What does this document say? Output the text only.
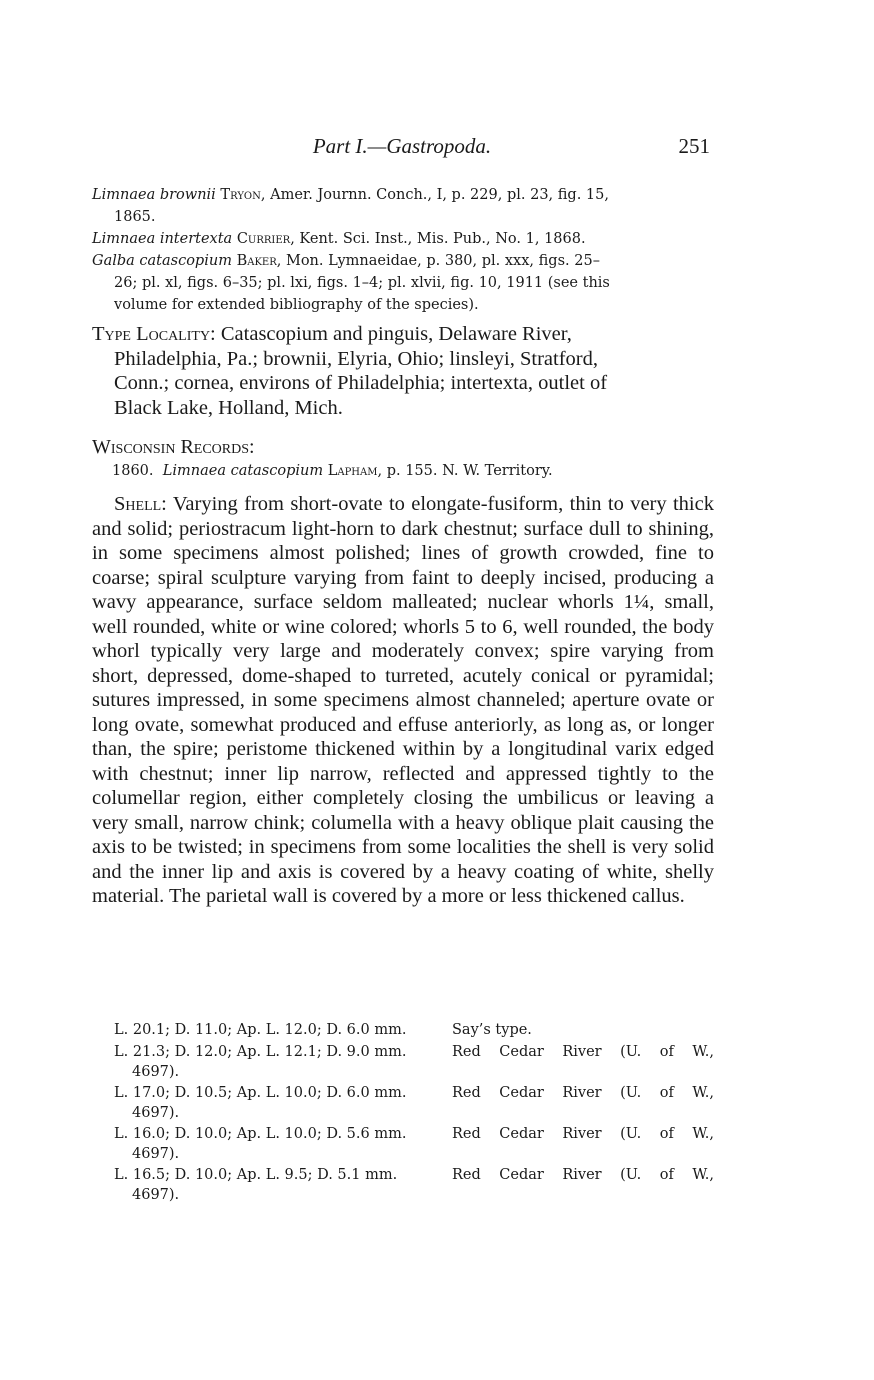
Part I.—Gastropoda.	251
Limnaea brownii Tryon, Amer. Journn. Conch., I, p. 229, pl. 23, fig. 15,
1865.
Limnaea intertexta Currier, Kent. Sci. Inst., Mis. Pub., No. 1, 1868.
Galba catascopium Baker, Mon. Lymnaeidae, p. 380, pl. xxx, figs. 25–
26; pl. xl, figs. 6–35; pl. lxi, figs. 1–4; pl. xlvii, fig. 10, 1911 (see this
volume for extended bibliography of the species).
Type Locality: Catascopium and pinguis, Delaware River,
Philadelphia, Pa.; brownii, Elyria, Ohio; linsleyi, Stratford,
Conn.; cornea, environs of Philadelphia; intertexta, outlet of
Black Lake, Holland, Mich.
Wisconsin Records:
1860. Limnaea catascopium Lapham, p. 155. N. W. Territory.

Shell: Varying from short-ovate to elongate-fusiform, thin to very thick and solid; periostracum light-horn to dark chestnut; surface dull to shining, in some specimens almost polished; lines of growth crowded, fine to coarse; spiral sculpture varying from faint to deeply incised, producing a wavy appearance, surface seldom malleated; nuclear whorls 1¼, small, well rounded, white or wine colored; whorls 5 to 6, well rounded, the body whorl typically very large and moderately convex; spire varying from short, depressed, dome-shaped to turreted, acutely conical or pyramidal; sutures impressed, in some specimens almost channeled; aperture ovate or long ovate, somewhat produced and effuse anteriorly, as long as, or longer than, the spire; peristome thickened within by a longitudinal varix edged with chestnut; inner lip narrow, reflected and appressed tightly to the columellar region, either completely closing the umbilicus or leaving a very small, narrow chink; columella with a heavy oblique plait causing the axis to be twisted; in specimens from some localities the shell is very solid and the inner lip and axis is covered by a heavy coating of white, shelly material. The parietal wall is covered by a more or less thickened callus.

L. 20.1; D. 11.0; Ap. L. 12.0; D. 6.0 mm.	Say’s type.
L. 21.3; D. 12.0; Ap. L. 12.1; D. 9.0 mm.	Red Cedar River (U. of W.,
4697).
L. 17.0; D. 10.5; Ap. L. 10.0; D. 6.0 mm.	Red Cedar River (U. of W.,
4697).
L. 16.0; D. 10.0; Ap. L. 10.0; D. 5.6 mm.	Red Cedar River (U. of W.,
4697).
L. 16.5; D. 10.0; Ap. L. 9.5; D. 5.1 mm.	Red Cedar River (U. of W.,
4697).
